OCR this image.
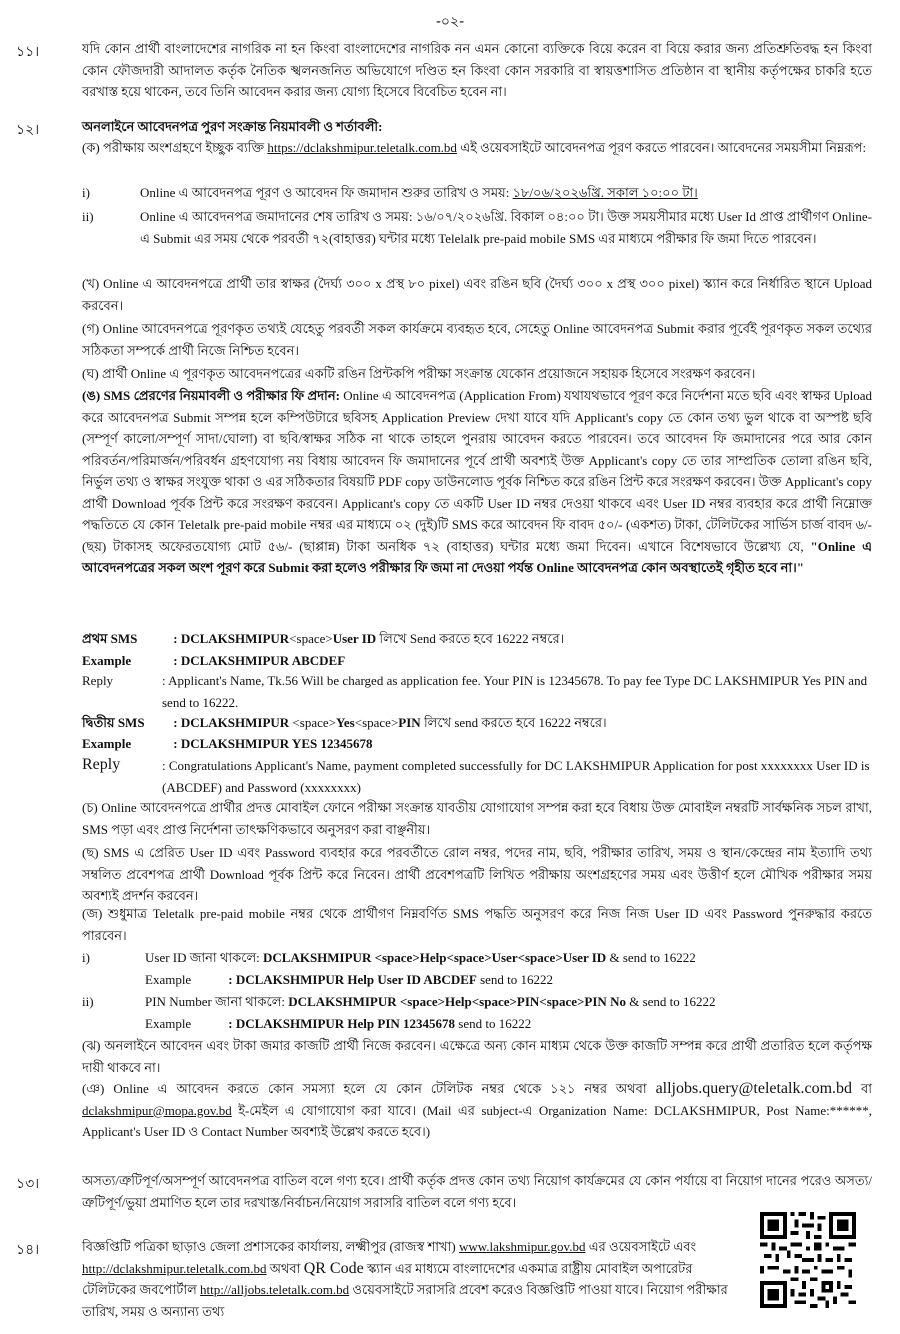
-০২-
১১।	যদি কোন প্রার্থী বাংলাদেশের নাগরিক না হন কিংবা বাংলাদেশের নাগরিক নন এমন কোনো ব্যক্তিকে বিয়ে করেন বা বিয়ে করার জন্য প্রতিশ্রুতিবদ্ধ হন কিংবা কোন ফৌজদারী আদালত কর্তৃক নৈতিক স্খলনজনিত অভিযোগে দণ্ডিত হন কিংবা কোন সরকারি বা স্বায়ত্তশাসিত প্রতিষ্ঠান বা স্থানীয় কর্তৃপক্ষের চাকরি হতে বরখাস্ত হয়ে থাকেন, তবে তিনি আবেদন করার জন্য যোগ্য হিসেবে বিবেচিত হবেন না।
১২।	অনলাইনে আবেদনপত্র পুরণ সংক্রান্ত নিয়মাবলী ও শর্তাবলী:
(ক) পরীক্ষায় অংশগ্রহণে ইচ্ছুক ব্যক্তি https://dclakshmipur.teletalk.com.bd এই ওয়েবসাইটে আবেদনপত্র পূরণ করতে পারবেন। আবেদনের সময়সীমা নিম্নরূপ:
i)	Online এ আবেদনপত্র পূরণ ও আবেদন ফি জমাদান শুরুর তারিখ ও সময়: ১৮/০৬/২০২৬খ্রি. সকাল ১০:০০ টা।
ii)	Online এ আবেদনপত্র জমাদানের শেষ তারিখ ও সময়: ১৬/০৭/২০২৬খ্রি. বিকাল ০৪:০০ টা। উক্ত সময়সীমার মধ্যে User Id প্রাপ্ত প্রার্থীগণ Online- এ Submit এর সময় থেকে পরবর্তী ৭২(বাহাত্তর) ঘন্টার মধ্যে Telelalk pre-paid mobile SMS এর মাধ্যমে পরীক্ষার ফি জমা দিতে পারবেন।
(খ) Online এ আবেদনপত্রে প্রার্থী তার স্বাক্ষর (দৈর্ঘ্য ৩০০ x প্রস্থ ৮০ pixel) এবং রঙিন ছবি (দৈর্ঘ্য ৩০০ x প্রস্থ ৩০০ pixel) স্ক্যান করে নির্ধারিত স্থানে Upload করবেন।
(গ) Online আবেদনপত্রে পূরণকৃত তথ্যই যেহেতু পরবর্তী সকল কার্যক্রমে ব্যবহৃত হবে, সেহেতু Online আবেদনপত্র Submit করার পূর্বেই পূরণকৃত সকল তথ্যের সঠিকতা সম্পর্কে প্রার্থী নিজে নিশ্চিত হবেন।
(ঘ) প্রার্থী Online এ পূরণকৃত আবেদনপত্রের একটি রঙিন প্রিন্টকপি পরীক্ষা সংক্রান্ত যেকোন প্রয়োজনে সহায়ক হিসেবে সংরক্ষণ করবেন।
(ঙ) SMS প্রেরণের নিয়মাবলী ও পরীক্ষার ফি প্রদান: Online এ আবেদনপত্র (Application From) যথাযথভাবে পূরণ করে নির্দেশনা মতে ছবি এবং স্বাক্ষর Upload করে আবেদনপত্র Submit সম্পন্ন হলে কম্পিউটারে ছবিসহ Application Preview দেখা যাবে যদি Applicant's copy তে কোন তথ্য ভুল থাকে বা অস্পষ্ট ছবি (সম্পূর্ণ কালো/সম্পূর্ণ সাদা/ঘোলা) বা ছবি/স্বাক্ষর সঠিক না থাকে তাহলে পুনরায় আবেদন করতে পারবেন। তবে আবেদন ফি জমাদানের পরে আর কোন পরিবর্তন/পরিমার্জন/পরিবর্ধন গ্রহণযোগ্য নয় বিধায় আবেদন ফি জমাদানের পূর্বে প্রার্থী অবশ্যই উক্ত Applicant's copy তে তার সাম্প্রতিক তোলা রঙিন ছবি, নির্ভুল তথ্য ও স্বাক্ষর সংযুক্ত থাকা ও এর সঠিকতার বিষয়টি PDF copy ডাউনলোড পূর্বক নিশ্চিত করে রঙিন প্রিন্ট করে সংরক্ষণ করবেন। উক্ত Applicant's copy প্রার্থী Download পূর্বক প্রিন্ট করে সংরক্ষণ করবেন। Applicant's copy তে একটি User ID নম্বর দেওয়া থাকবে এবং User ID নম্বর ব্যবহার করে প্রার্থী নিম্নোক্ত পদ্ধতিতে যে কোন Teletalk pre-paid mobile নম্বর এর মাধ্যমে ০২ (দুই)টি SMS করে আবেদন ফি বাবদ ৫০/- (একশত) টাকা, টেলিটকের সার্ভিস চার্জ বাবদ ৬/- (ছয়) টাকাসহ অফেরতযোগ্য মোট ৫৬/- (ছাপ্পান্ন) টাকা অনধিক ৭২ (বাহাত্তর) ঘন্টার মধ্যে জমা দিবেন। এখানে বিশেষভাবে উল্লেখ্য যে, "Online এ আবেদনপত্রের সকল অংশ পূরণ করে Submit করা হলেও পরীক্ষার ফি জমা না দেওয়া পর্যন্ত Online আবেদনপত্র কোন অবস্থাতেই গৃহীত হবে না।"
প্রথম SMS	: DCLAKSHMIPUR<space>User ID লিখে Send করতে হবে 16222 নম্বরে।
Example	: DCLAKSHMIPUR ABCDEF
Reply	: Applicant's Name, Tk.56 Will be charged as application fee. Your PIN is 12345678. To pay fee Type DC LAKSHMIPUR Yes PIN and send to 16222.
দ্বিতীয় SMS : DCLAKSHMIPUR <space>Yes<space>PIN লিখে send করতে হবে 16222 নম্বরে।
Example	: DCLAKSHMIPUR YES 12345678
Reply	: Congratulations Applicant's Name, payment completed successfully for DC LAKSHMIPUR Application for post xxxxxxxx User ID is (ABCDEF) and Password (xxxxxxxx)
(চ) Online আবেদনপত্রে প্রার্থীর প্রদত্ত মোবাইল ফোনে পরীক্ষা সংক্রান্ত যাবতীয় যোগাযোগ সম্পন্ন করা হবে বিধায় উক্ত মোবাইল নম্বরটি সার্বক্ষনিক সচল রাখা, SMS পড়া এবং প্রাপ্ত নির্দেশনা তাৎক্ষণিকভাবে অনুসরণ করা বাঞ্ছনীয়।
(ছ) SMS এ প্রেরিত User ID এবং Password ব্যবহার করে পরবর্তীতে রোল নম্বর, পদের নাম, ছবি, পরীক্ষার তারিখ, সময় ও স্থান/কেন্দ্রের নাম ইত্যাদি তথ্য সম্বলিত প্রবেশপত্র প্রার্থী Download পূর্বক প্রিন্ট করে নিবেন। প্রার্থী প্রবেশপত্রটি লিখিত পরীক্ষায় অংশগ্রহণের সময় এবং উত্তীর্ণ হলে মৌখিক পরীক্ষার সময় অবশ্যই প্রদর্শন করবেন।
(জ) শুধুমাত্র Teletalk pre-paid mobile নম্বর থেকে প্রার্থীগণ নিম্নবর্ণিত SMS পদ্ধতি অনুসরণ করে নিজ নিজ User ID এবং Password পুনরুদ্ধার করতে পারবেন।
i)	User ID জানা থাকলে: DCLAKSHMIPUR <space>Help<space>User<space>User ID & send to 16222
Example	: DCLAKSHMIPUR Help User ID ABCDEF send to 16222
ii)	PIN Number জানা থাকলে: DCLAKSHMIPUR <space>Help<space>PIN<space>PIN No & send to 16222
Example	: DCLAKSHMIPUR Help PIN 12345678 send to 16222
(ঝ) অনলাইনে আবেদন এবং টাকা জমার কাজটি প্রার্থী নিজে করবেন। এক্ষেত্রে অন্য কোন মাধ্যম থেকে উক্ত কাজটি সম্পন্ন করে প্রার্থী প্রতারিত হলে কর্তৃপক্ষ দায়ী থাকবে না।
(ঞ) Online এ আবেদন করতে কোন সমস্যা হলে যে কোন টেলিটক নম্বর থেকে ১২১ নম্বর অথবা alljobs.query@teletalk.com.bd বা dclakshmipur@mopa.gov.bd ই-মেইল এ যোগাযোগ করা যাবে। (Mail এর subject-এ Organization Name: DCLAKSHMIPUR, Post Name:******, Applicant's User ID ও Contact Number অবশ্যই উল্লেখ করতে হবে।)
১৩।	অসত্য/ত্রুটিপূর্ণ/অসম্পূর্ণ আবেদনপত্র বাতিল বলে গণ্য হবে। প্রার্থী কর্তৃক প্রদত্ত কোন তথ্য নিয়োগ কার্যক্রমের যে কোন পর্যায়ে বা নিয়োগ দানের পরেও অসত্য/ত্রুটিপূর্ণ/ভুয়া প্রমাণিত হলে তার দরখাস্ত/নির্বাচন/নিয়োগ সরাসরি বাতিল বলে গণ্য হবে।
১৪।	বিজ্ঞপ্তিটি পত্রিকা ছাড়াও জেলা প্রশাসকের কার্যালয়, লক্ষ্মীপুর (রাজস্ব শাখা) www.lakshmipur.gov.bd এর ওয়েবসাইটে এবং http://dclakshmipur.teletalk.com.bd অথবা QR Code স্ক্যান এর মাধ্যমে বাংলাদেশের একমাত্র রাষ্ট্রীয় মোবাইল অপারেটর টেলিটকের জবপোর্টাল http://alljobs.teletalk.com.bd ওয়েবসাইটে সরাসরি প্রবেশ করেও বিজ্ঞপ্তিটি পাওয়া যাবে। নিয়োগ পরীক্ষার তারিখ, সময় ও অন্যান্য তথ্য
